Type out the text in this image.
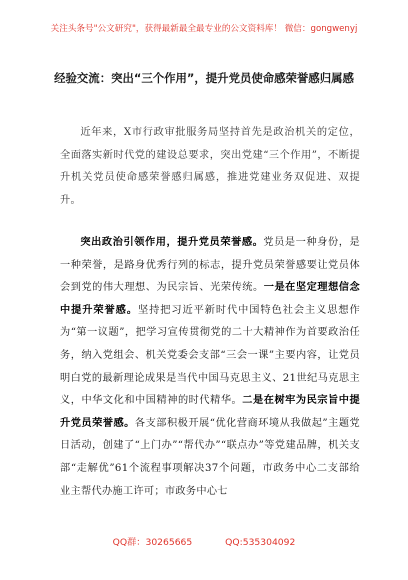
关注头条号"公文研究"，获得最新最全最专业的公文资料库！ 微信：gongwenyj
经验交流：突出“三个作用”，提升党员使命感荣誉感归属感
近年来，X市行政审批服务局坚持首先是政治机关的定位，全面落实新时代党的建设总要求，突出党建“三个作用”，不断提升机关党员使命感荣誉感归属感，推进党建业务双促进、双提升。
突出政治引领作用，提升党员荣誉感。党员是一种身份，是一种荣誉，是路身优秀行列的标志，提升党员荣誉感要让党员体会到党的伟大理想、为民宗旨、光荣传统。一是在坚定理想信念中提升荣誉感。坚持把习近平新时代中国特色社会主义思想作为“第一议题”，把学习宣传贯彻党的二十大精神作为首要政治任务，纳入党组会、机关党委会支部“三会一课”主要内容，让党员明白党的最新理论成果是当代中国马克思主义、21世纪马克思主义，中华文化和中国精神的时代精华。二是在树牢为民宗旨中提升党员荣誉感。各支部积极开展“优化营商环境从我做起”主题党日活动，创建了“上门办”“帮代办”“联点办”等党建品牌，机关支部“走解优”61个流程事项解决37个问题，市政务中心二支部给业主帮代办施工许可；市政务中心七
QQ群：30265665	QQ:535304092
